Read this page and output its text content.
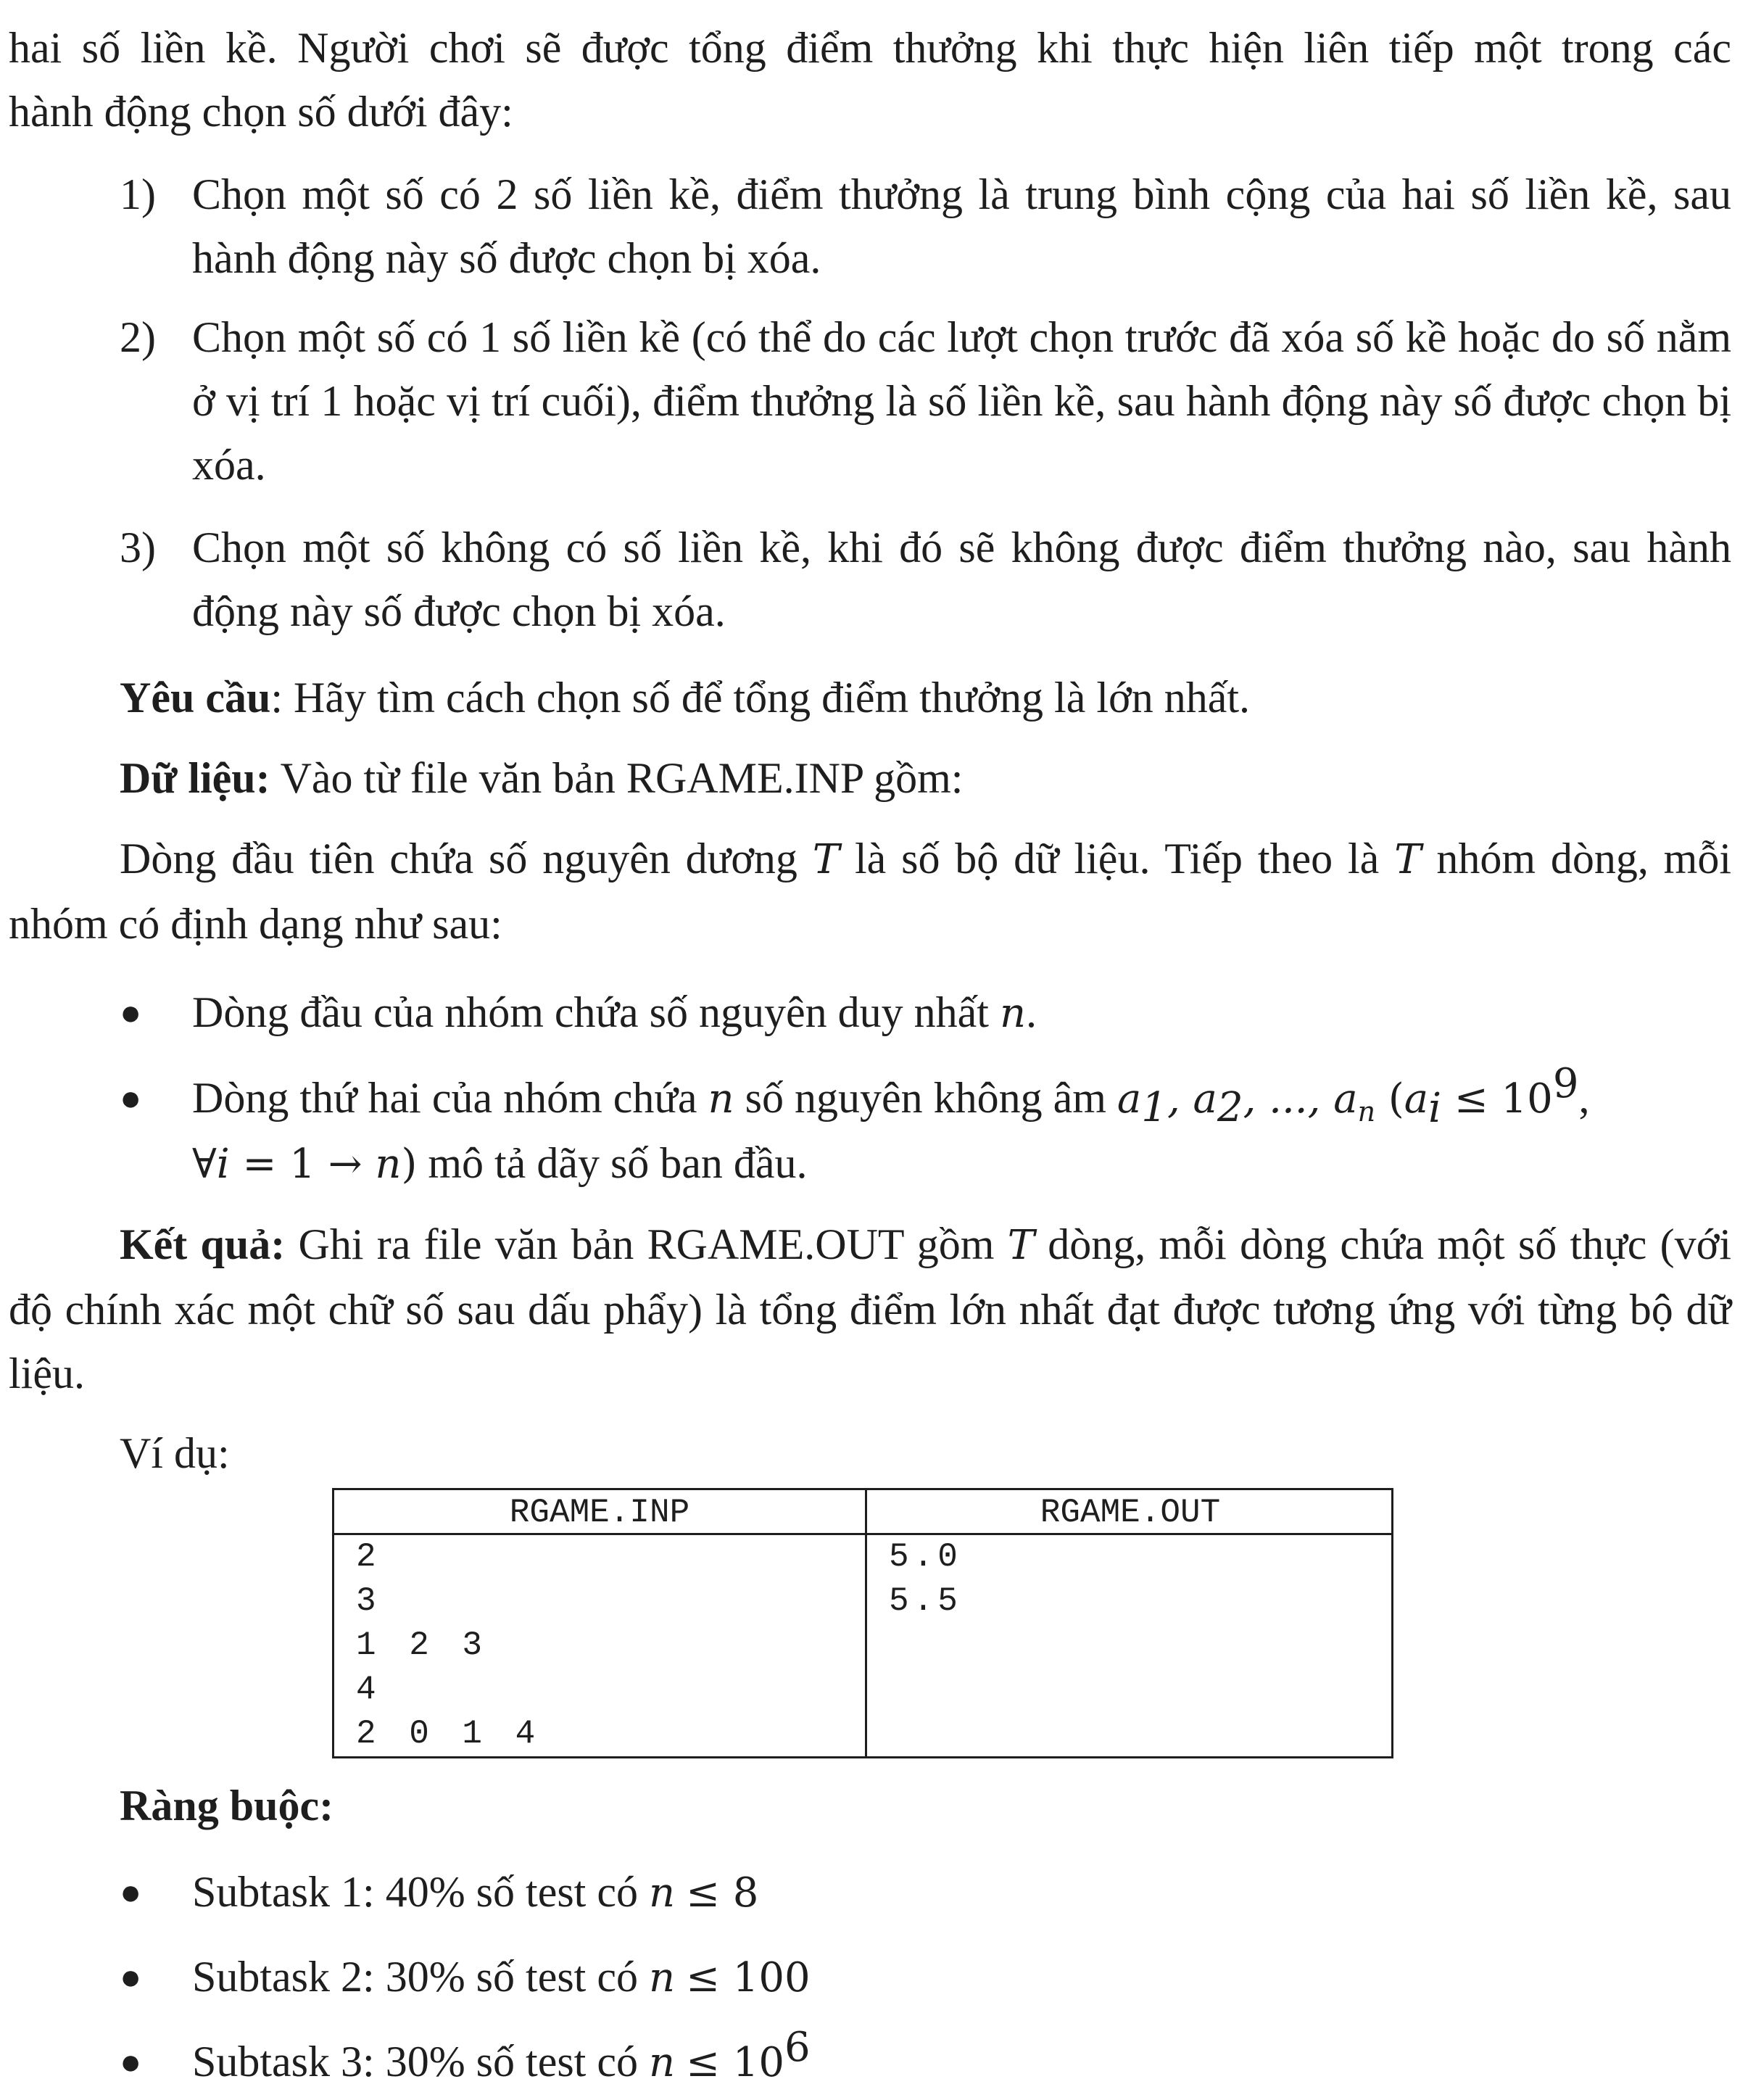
hai số liền kề. Người chơi sẽ được tổng điểm thưởng khi thực hiện liên tiếp một trong các
hành động chọn số dưới đây:
1) Chọn một số có 2 số liền kề, điểm thưởng là trung bình cộng của hai số liền kề, sau hành động này số được chọn bị xóa.
2) Chọn một số có 1 số liền kề (có thể do các lượt chọn trước đã xóa số kề hoặc do số nằm ở vị trí 1 hoặc vị trí cuối), điểm thưởng là số liền kề, sau hành động này số được chọn bị xóa.
3) Chọn một số không có số liền kề, khi đó sẽ không được điểm thưởng nào, sau hành động này số được chọn bị xóa.
Yêu cầu: Hãy tìm cách chọn số để tổng điểm thưởng là lớn nhất.
Dữ liệu: Vào từ file văn bản RGAME.INP gồm:
Dòng đầu tiên chứa số nguyên dương T là số bộ dữ liệu. Tiếp theo là T nhóm dòng, mỗi nhóm có định dạng như sau:
● Dòng đầu của nhóm chứa số nguyên duy nhất n.
● Dòng thứ hai của nhóm chứa n số nguyên không âm $a_1$, $a_2$, ..., $a_n$ ($a_i \le 10^9$,
∀i = 1 → n) mô tả dãy số ban đầu.
Kết quả: Ghi ra file văn bản RGAME.OUT gồm T dòng, mỗi dòng chứa một số thực (với độ chính xác một chữ số sau dấu phẩy) là tổng điểm lớn nhất đạt được tương ứng với từng bộ dữ liệu.
Ví dụ:
RGAME.INP
2
3
1 2 3
4
2 0 1 4
RGAME.OUT
5.0
5.5
Ràng buộc:
● Subtask 1: 40% số test có n ≤ 8
● Subtask 2: 30% số test có n ≤ 100
● Subtask 3: 30% số test có $n \le 10^6$
